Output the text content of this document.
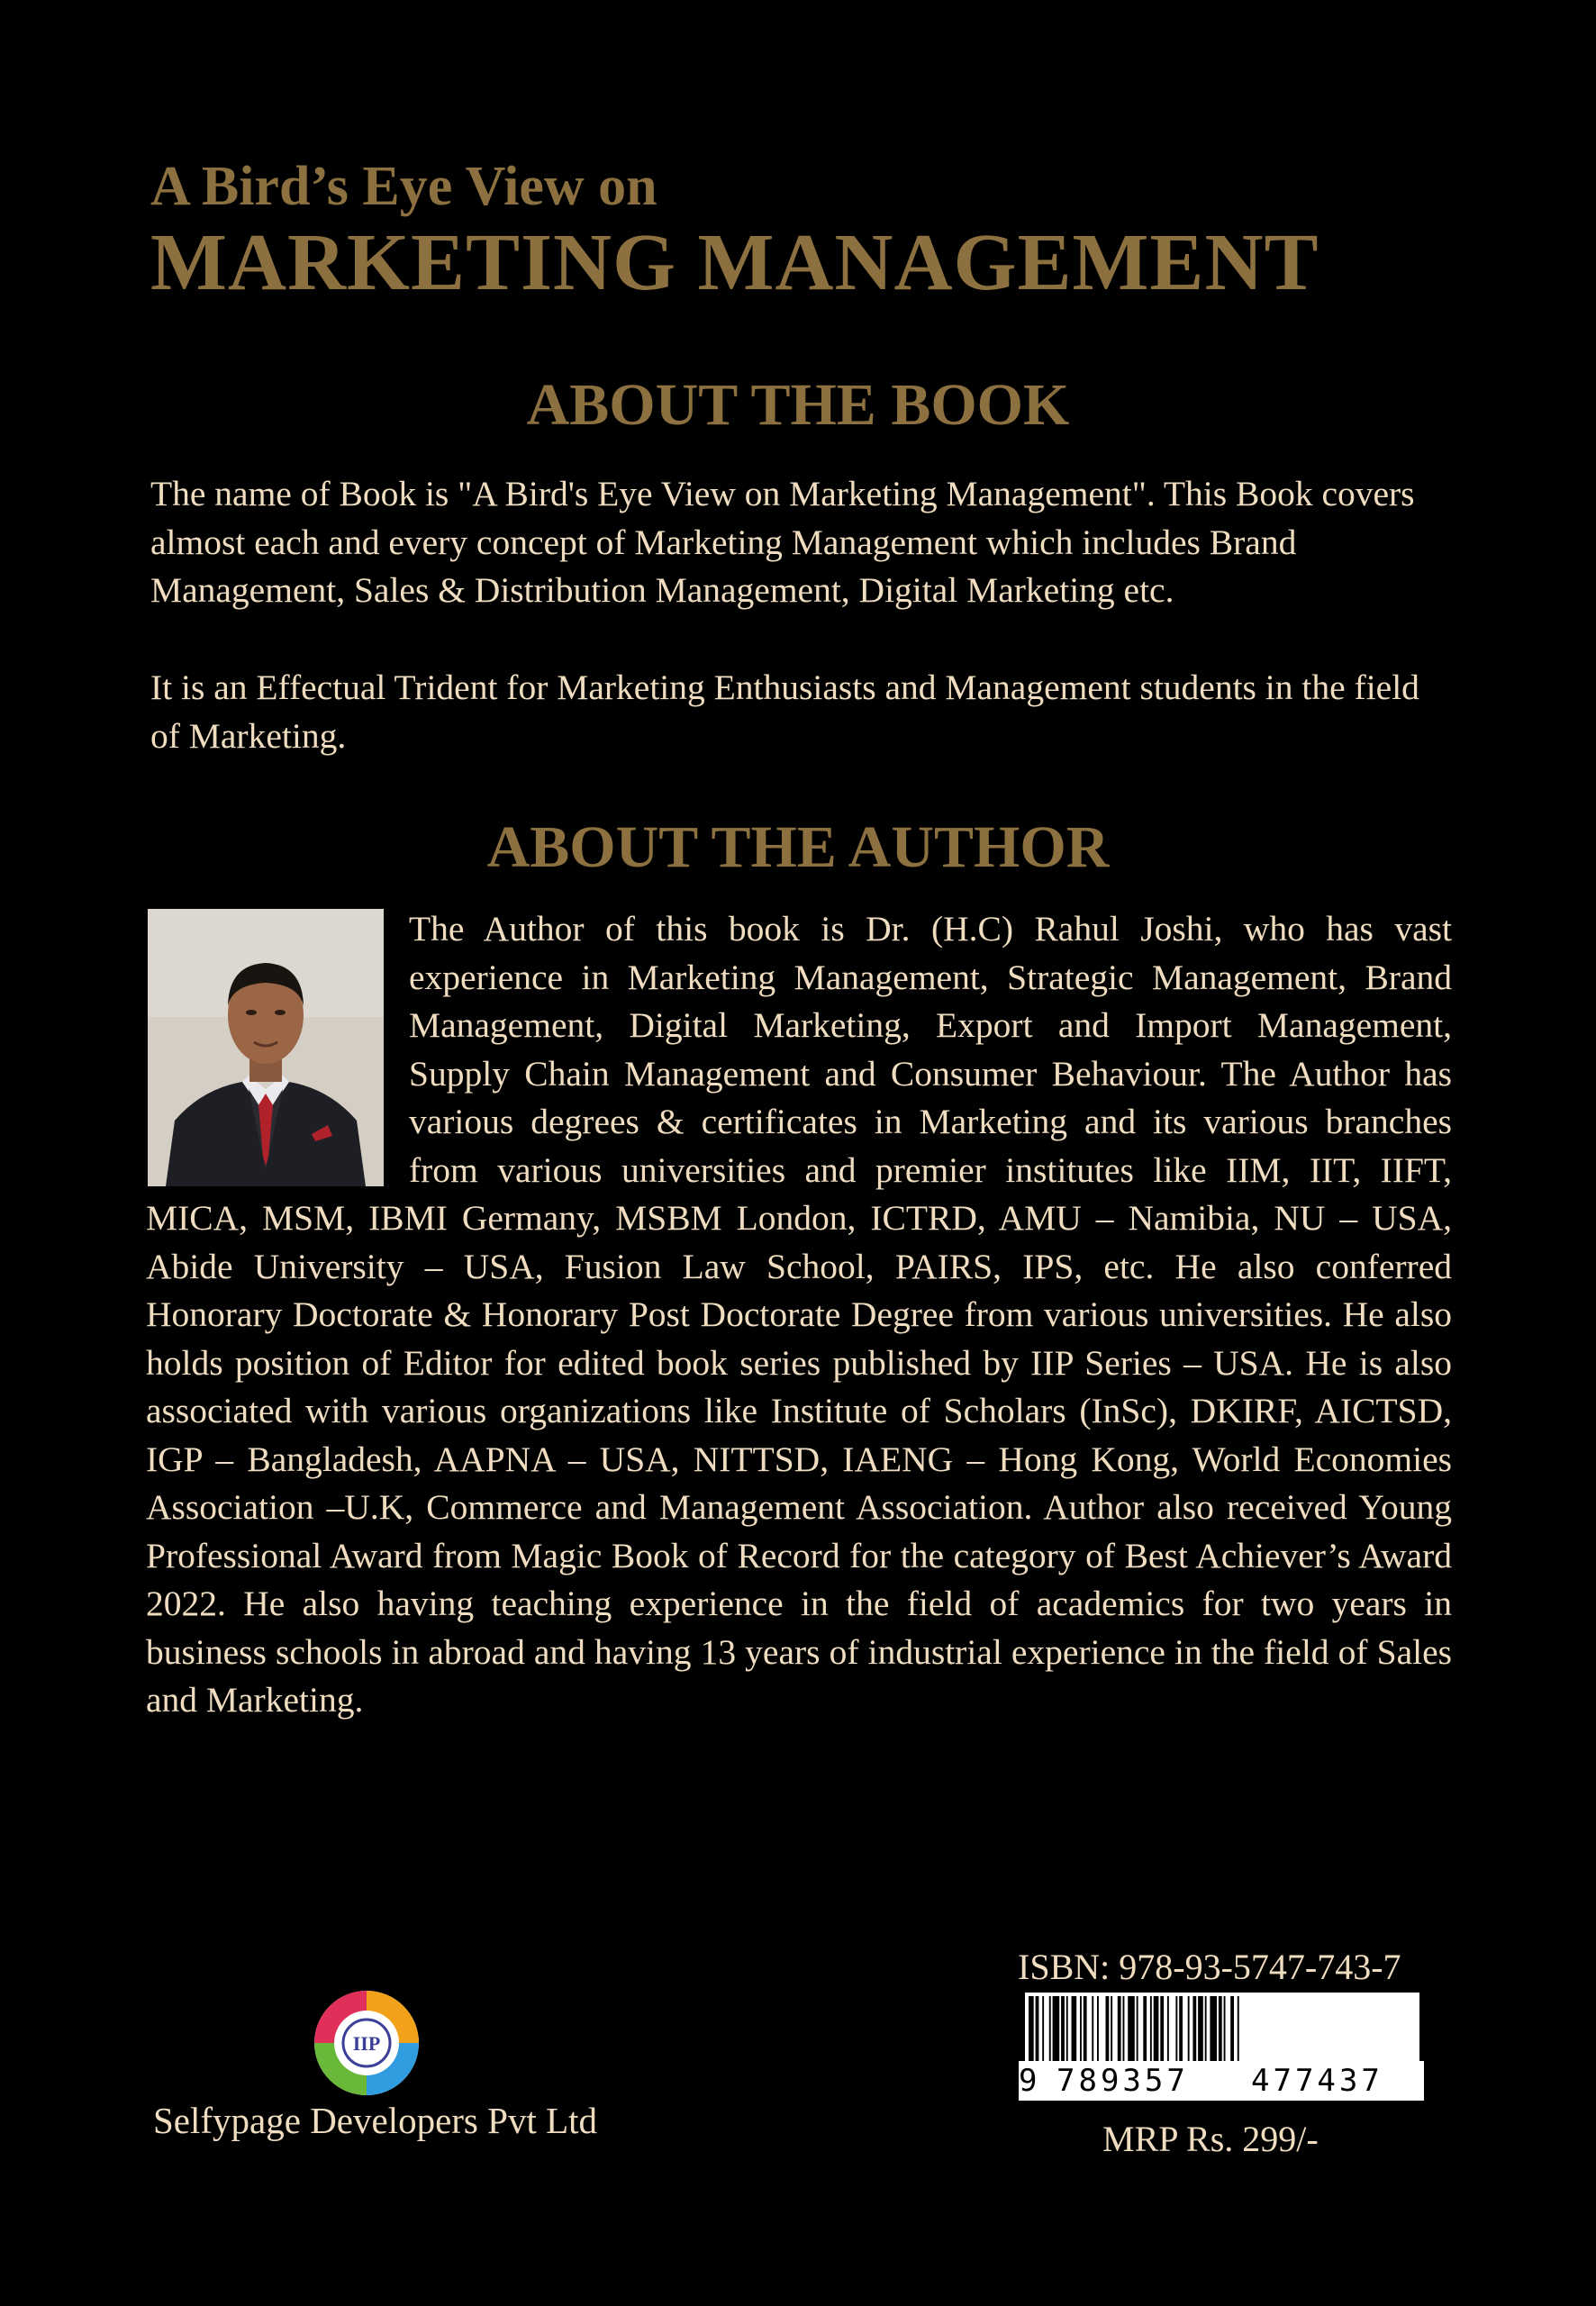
A Bird’s Eye View on
MARKETING MANAGEMENT
ABOUT THE BOOK
The name of Book is "A Bird's Eye View on Marketing Management". This Book covers almost each and every concept of Marketing Management which includes Brand Management, Sales & Distribution Management, Digital Marketing etc.
It is an Effectual Trident for Marketing Enthusiasts and Management students in the field of Marketing.
ABOUT THE AUTHOR
The Author of this book is Dr. (H.C) Rahul Joshi, who has vast experience in Marketing Management, Strategic Management, Brand Management, Digital Marketing, Export and Import Management, Supply Chain Management and Consumer Behaviour. The Author has various degrees & certificates in Marketing and its various branches from various universities and premier institutes like IIM, IIT, IIFT, MICA, MSM, IBMI Germany, MSBM London, ICTRD, AMU – Namibia, NU – USA, Abide University – USA, Fusion Law School, PAIRS, IPS, etc. He also conferred Honorary Doctorate & Honorary Post Doctorate Degree from various universities. He also holds position of Editor for edited book series published by IIP Series – USA. He is also associated with various organizations like Institute of Scholars (InSc), DKIRF, AICTSD, IGP – Bangladesh, AAPNA – USA, NITTSD, IAENG – Hong Kong, World Economies Association –U.K, Commerce and Management Association. Author also received Young Professional Award from Magic Book of Record for the category of Best Achiever’s Award 2022. He also having teaching experience in the field of academics for two years in business schools in abroad and having 13 years of industrial experience in the field of Sales and Marketing.
IIP
Selfypage Developers Pvt Ltd
ISBN: 978-93-5747-743-7
9 789357 477437
MRP Rs. 299/-
